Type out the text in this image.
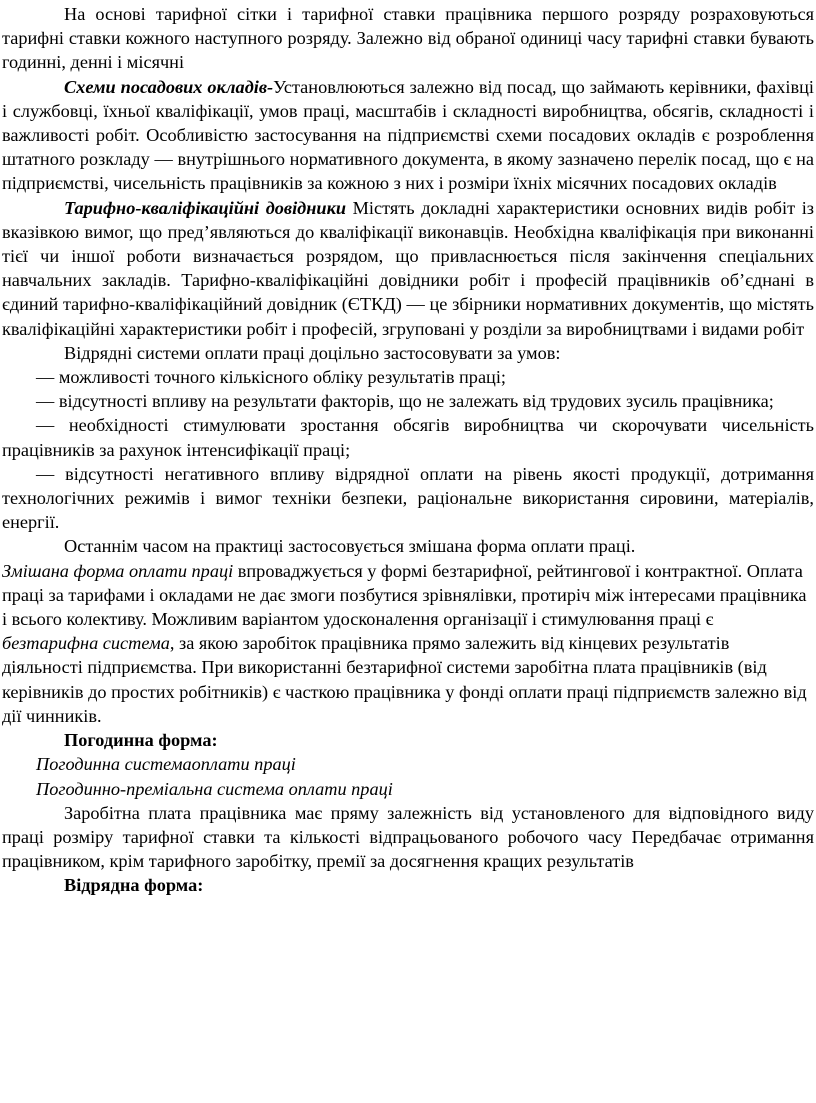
На основі тарифної сітки і тарифної ставки працівника першого розряду розраховуються тарифні ставки кожного наступного розряду. Залежно від обраної одиниці часу тарифні ставки бувають годинні, денні і місячні

Схеми посадових окладів-Установлюються залежно від посад, що займають керівники, фахівці і службовці, їхньої кваліфікації, умов праці, масштабів і складності виробництва, обсягів, складності і важливості робіт. Особливістю застосування на підприємстві схеми посадових окладів є розроблення штатного розкладу — внутрішнього нормативного документа, в якому зазначено перелік посад, що є на підприємстві, чисельність працівників за кожною з них і розміри їхніх місячних посадових окладів

Тарифно-кваліфікаційні довідники Містять докладні характеристики основних видів робіт із вказівкою вимог, що пред’являються до кваліфікації виконавців. Необхідна кваліфікація при виконанні тієї чи іншої роботи визначається розрядом, що привласнюється після закінчення спеціальних навчальних закладів. Тарифно-кваліфікаційні довідники робіт і професій працівників об’єднані в єдиний тарифно-кваліфікаційний довідник (ЄТКД) — це збірники нормативних документів, що містять кваліфікаційні характеристики робіт і професій, згруповані у розділи за виробництвами і видами робіт

Відрядні системи оплати праці доцільно застосовувати за умов:

— можливості точного кількісного обліку результатів праці;

— відсутності впливу на результати факторів, що не залежать від трудових зусиль працівника;

— необхідності стимулювати зростання обсягів виробництва чи скорочувати чисельність працівників за рахунок інтенсифікації праці;

— відсутності негативного впливу відрядної оплати на рівень якості продукції, дотримання технологічних режимів і вимог техніки безпеки, раціональне використання сировини, матеріалів, енергії.

Останнім часом на практиці застосовується змішана форма оплати праці.

Змішана форма оплати праці впроваджується у формі безтарифної, рейтингової і контрактної. Оплата праці за тарифами і окладами не дає змоги позбутися зрівнялівки, протиріч між інтересами працівника і всього колективу. Можливим варіантом удосконалення організації і стимулювання праці є безтарифна система, за якою заробіток працівника прямо залежить від кінцевих результатів діяльності підприємства. При використанні безтарифної системи заробітна плата працівників (від керівників до простих робітників) є часткою працівника у фонді оплати праці підприємств залежно від дії чинників.

Погодинна форма:

Погодинна системаоплати праці

Погодинно-преміальна система оплати праці

Заробітна плата працівника має пряму залежність від установленого для відповідного виду праці розміру тарифної ставки та кількості відпрацьованого робочого часу Передбачає отримання працівником, крім тарифного заробітку, премії за досягнення кращих результатів

Відрядна форма:
